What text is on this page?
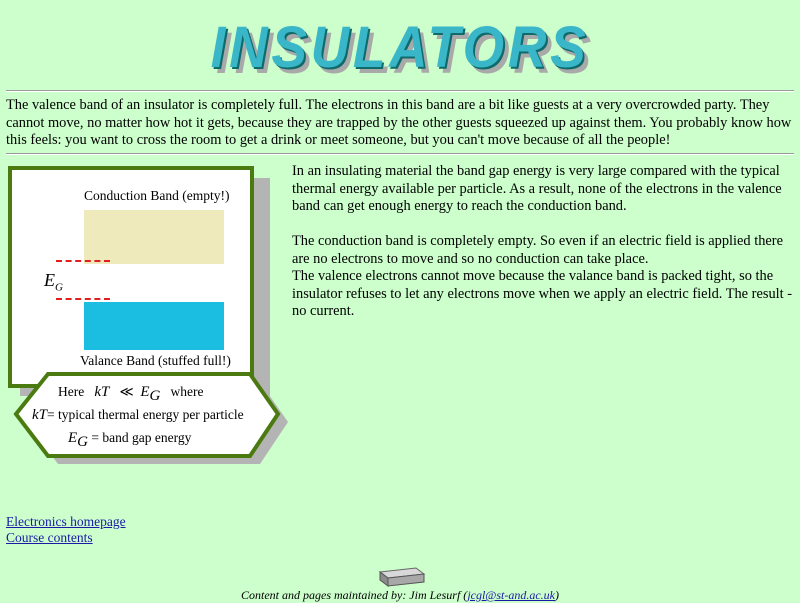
INSULATORS

The valence band of an insulator is completely full. The electrons in this band are a bit like guests at a very overcrowded party. They cannot move, no matter how hot it gets, because they are trapped by the other guests squeezed up against them. You probably know how this feels: you want to cross the room to get a drink or meet someone, but you can't move because of all the people!

Conduction Band (empty!)
$E_G$
Valance Band (stuffed full!)
Here kT ≪ $E_G$ where
kT= typical thermal energy per particle
$E_G$ = band gap energy

In an insulating material the band gap energy is very large compared with the typical thermal energy available per particle. As a result, none of the electrons in the valence band can get enough energy to reach the conduction band.

The conduction band is completely empty. So even if an electric field is applied there are no electrons to move and so no conduction can take place.

The valence electrons cannot move because the valance band is packed tight, so the insulator refuses to let any electrons move when we apply an electric field. The result - no current.

Electronics homepage
Course contents
Content and pages maintained by: Jim Lesurf (jcgl@st-and.ac.uk)
